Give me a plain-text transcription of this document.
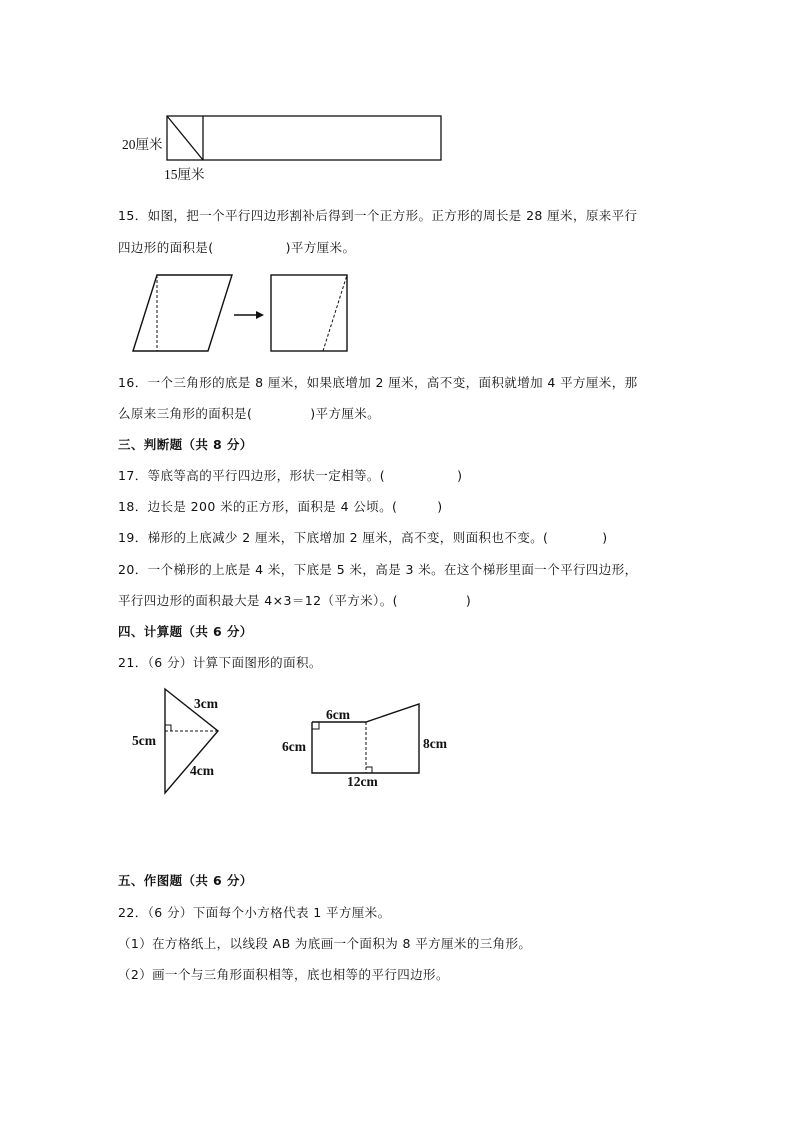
20厘米
15厘米
15．如图，把一个平行四边形割补后得到一个正方形。正方形的周长是 28 厘米，原来平行
四边形的面积是(	)平方厘米。
16．一个三角形的底是 8 厘米，如果底增加 2 厘米，高不变，面积就增加 4 平方厘米，那
么原来三角形的面积是(	)平方厘米。
三、判断题（共 8 分）
17．等底等高的平行四边形，形状一定相等。(	)
18．边长是 200 米的正方形，面积是 4 公顷。(	)
19．梯形的上底减少 2 厘米，下底增加 2 厘米，高不变，则面积也不变。(	)
20．一个梯形的上底是 4 米，下底是 5 米，高是 3 米。在这个梯形里面一个平行四边形，
平行四边形的面积最大是 4×3＝12（平方米）。(	)
四、计算题（共 6 分）
21．（6 分）计算下面图形的面积。
3cm
5cm
4cm
6cm
6cm	8cm
12cm
五、作图题（共 6 分）
22．（6 分）下面每个小方格代表 1 平方厘米。
（1）在方格纸上，以线段 AB 为底画一个面积为 8 平方厘米的三角形。
（2）画一个与三角形面积相等，底也相等的平行四边形。
